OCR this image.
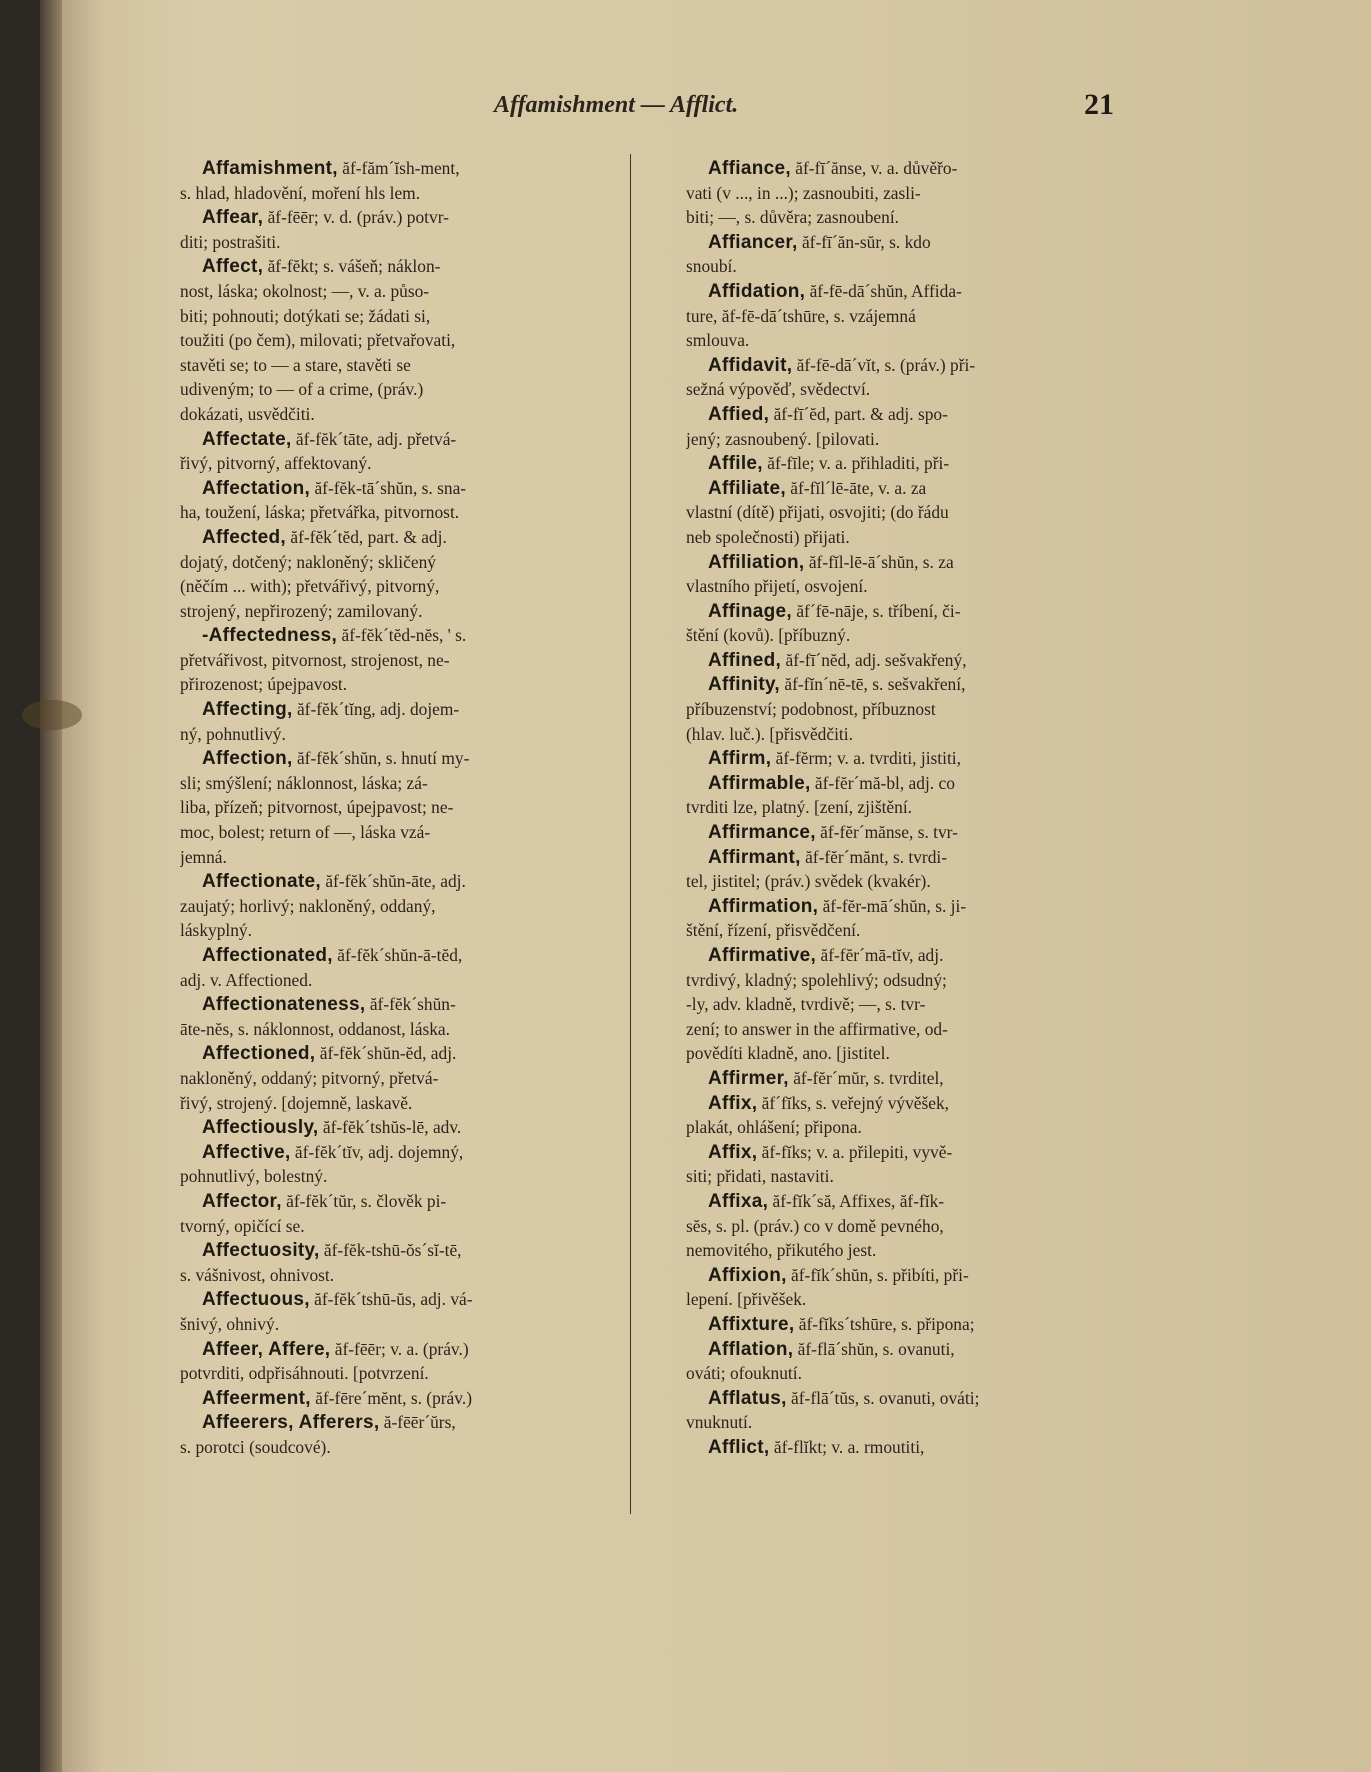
Affamishment — Afflict.	21
Affamishment, ăf-făm´ĭsh-ment,
s. hlad, hladovění, moření hls lem.
Affear, ăf-fēēr; v. d. (práv.) potvr-
diti; postrašiti.
Affect, ăf-fĕkt; s. vášeň; náklon-
nost, láska; okolnost; —, v. a. půso-
biti; pohnouti; dotýkati se; žádati si,
toužiti (po čem), milovati; přetvařovati,
stavěti se; to — a stare, stavěti se
udiveným; to — of a crime, (práv.)
dokázati, usvědčiti.
Affectate, ăf-fĕk´tāte, adj. přetvá-
řivý, pitvorný, affektovaný.
Affectation, ăf-fĕk-tā´shŭn, s. sna-
ha, toužení, láska; přetvářka, pitvornost.
Affected, ăf-fĕk´tĕd, part. & adj.
dojatý, dotčený; nakloněný; skličený
(něčím ... with); přetvářivý, pitvorný,
strojený, nepřirozený; zamilovaný.
-Affectedness, ăf-fĕk´tĕd-nĕs, ' s.
přetvářivost, pitvornost, strojenost, ne-
přirozenost; úpejpavost.
Affecting, ăf-fĕk´tĭng, adj. dojem-
ný, pohnutlivý.
Affection, ăf-fĕk´shŭn, s. hnutí my-
sli; smýšlení; náklonnost, láska; zá-
liba, přízeň; pitvornost, úpejpavost; ne-
moc, bolest; return of —, láska vzá-
jemná.
Affectionate, ăf-fĕk´shŭn-āte, adj.
zaujatý; horlivý; nakloněný, oddaný,
láskyplný.
Affectionated, ăf-fĕk´shŭn-ā-tĕd,
adj. v. Affectioned.
Affectionateness, ăf-fĕk´shŭn-
āte-nĕs, s. náklonnost, oddanost, láska.
Affectioned, ăf-fĕk´shŭn-ĕd, adj.
nakloněný, oddaný; pitvorný, přetvá-
řivý, strojený. [dojemně, laskavě.
Affectiously, ăf-fĕk´tshŭs-lē, adv.
Affective, ăf-fĕk´tĭv, adj. dojemný,
pohnutlivý, bolestný.
Affector, ăf-fĕk´tŭr, s. člověk pi-
tvorný, opičící se.
Affectuosity, ăf-fĕk-tshū-ŏs´sĭ-tē,
s. vášnivost, ohnivost.
Affectuous, ăf-fĕk´tshū-ŭs, adj. vá-
šnivý, ohnivý.
Affeer, Affere, ăf-fēēr; v. a. (práv.)
potvrditi, odpřisáhnouti. [potvrzení.
Affeerment, ăf-fēre´mĕnt, s. (práv.)
Affeerers, Afferers, ă-fēēr´ŭrs,
s. porotci (soudcové).
Affiance, ăf-fī´ănse, v. a. důvěřo-
vati (v ..., in ...); zasnoubiti, zasli-
biti; —, s. důvěra; zasnoubení.
Affiancer, ăf-fī´ăn-sŭr, s. kdo
snoubí.
Affidation, ăf-fē-dā´shŭn, Affida-
ture, ăf-fē-dā´tshūre, s. vzájemná
smlouva.
Affidavit, ăf-fē-dā´vĭt, s. (práv.) při-
sežná výpověď, svědectví.
Affied, ăf-fī´ĕd, part. & adj. spo-
jený; zasnoubený. [pilovati.
Affile, ăf-fīle; v. a. přihladiti, při-
Affiliate, ăf-fĭl´lē-āte, v. a. za
vlastní (dítě) přijati, osvojiti; (do řádu
neb společnosti) přijati.
Affiliation, ăf-fĭl-lē-ā´shŭn, s. za
vlastního přijetí, osvojení.
Affinage, ăf´fē-nāje, s. tříbení, či-
štění (kovů). [příbuzný.
Affined, ăf-fī´nĕd, adj. sešvakřený,
Affinity, ăf-fĭn´nē-tē, s. sešvakření,
příbuzenství; podobnost, příbuznost
(hlav. luč.). [přisvědčiti.
Affirm, ăf-fĕrm; v. a. tvrditi, jistiti,
Affirmable, ăf-fĕr´mă-bl, adj. co
tvrditi lze, platný. [zení, zjištění.
Affirmance, ăf-fĕr´mănse, s. tvr-
Affirmant, ăf-fĕr´mănt, s. tvrdi-
tel, jistitel; (práv.) svědek (kvakér).
Affirmation, ăf-fĕr-mā´shŭn, s. ji-
štění, řízení, přisvědčení.
Affirmative, ăf-fĕr´mā-tĭv, adj.
tvrdivý, kladný; spolehlivý; odsudný;
-ly, adv. kladně, tvrdivě; —, s. tvr-
zení; to answer in the affirmative, od-
povědíti kladně, ano. [jistitel.
Affirmer, ăf-fĕr´mŭr, s. tvrditel,
Affix, ăf´fĭks, s. veřejný vývěšek,
plakát, ohlášení; připona.
Affix, ăf-fĭks; v. a. přilepiti, vyvě-
siti; přidati, nastaviti.
Affixa, ăf-fĭk´să, Affixes, ăf-fĭk-
sĕs, s. pl. (práv.) co v domě pevného,
nemovitého, přikutého jest.
Affixion, ăf-fĭk´shŭn, s. přibíti, při-
lepení. [přivěšek.
Affixture, ăf-fĭks´tshūre, s. připona;
Afflation, ăf-flā´shŭn, s. ovanuti,
ováti; ofouknutí.
Afflatus, ăf-flā´tŭs, s. ovanuti, ováti;
vnuknutí.
Afflict, ăf-flĭkt; v. a. rmoutiti,
